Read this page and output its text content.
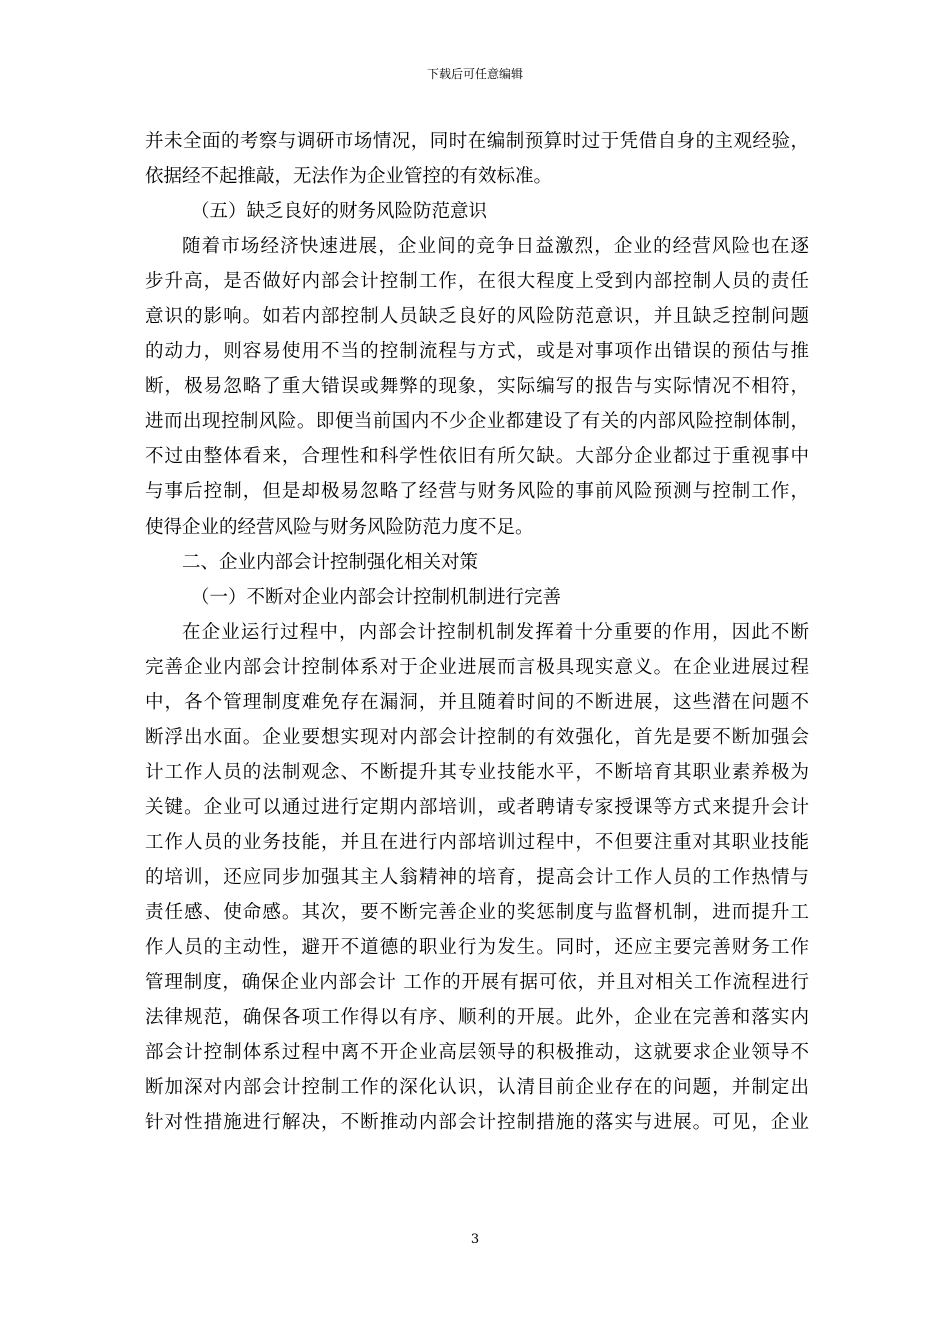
下载后可任意编辑
并未全面的考察与调研市场情况，同时在编制预算时过于凭借自身的主观经验，
依据经不起推敲，无法作为企业管控的有效标准。
（五）缺乏良好的财务风险防范意识
随着市场经济快速进展，企业间的竞争日益激烈，企业的经营风险也在逐
步升高，是否做好内部会计控制工作，在很大程度上受到内部控制人员的责任
意识的影响。如若内部控制人员缺乏良好的风险防范意识，并且缺乏控制问题
的动力，则容易使用不当的控制流程与方式，或是对事项作出错误的预估与推
断，极易忽略了重大错误或舞弊的现象，实际编写的报告与实际情况不相符，
进而出现控制风险。即便当前国内不少企业都建设了有关的内部风险控制体制，
不过由整体看来，合理性和科学性依旧有所欠缺。大部分企业都过于重视事中
与事后控制，但是却极易忽略了经营与财务风险的事前风险预测与控制工作，
使得企业的经营风险与财务风险防范力度不足。
二、企业内部会计控制强化相关对策
（一）不断对企业内部会计控制机制进行完善
在企业运行过程中，内部会计控制机制发挥着十分重要的作用，因此不断
完善企业内部会计控制体系对于企业进展而言极具现实意义。在企业进展过程
中，各个管理制度难免存在漏洞，并且随着时间的不断进展，这些潜在问题不
断浮出水面。企业要想实现对内部会计控制的有效强化，首先是要不断加强会
计工作人员的法制观念、不断提升其专业技能水平，不断培育其职业素养极为
关键。企业可以通过进行定期内部培训，或者聘请专家授课等方式来提升会计
工作人员的业务技能，并且在进行内部培训过程中，不但要注重对其职业技能
的培训，还应同步加强其主人翁精神的培育，提高会计工作人员的工作热情与
责任感、使命感。其次，要不断完善企业的奖惩制度与监督机制，进而提升工
作人员的主动性，避开不道德的职业行为发生。同时，还应主要完善财务工作
管理制度，确保企业内部会计 工作的开展有据可依，并且对相关工作流程进行
法律规范，确保各项工作得以有序、顺利的开展。此外，企业在完善和落实内
部会计控制体系过程中离不开企业高层领导的积极推动，这就要求企业领导不
断加深对内部会计控制工作的深化认识，认清目前企业存在的问题，并制定出
针对性措施进行解决，不断推动内部会计控制措施的落实与进展。可见，企业
3
